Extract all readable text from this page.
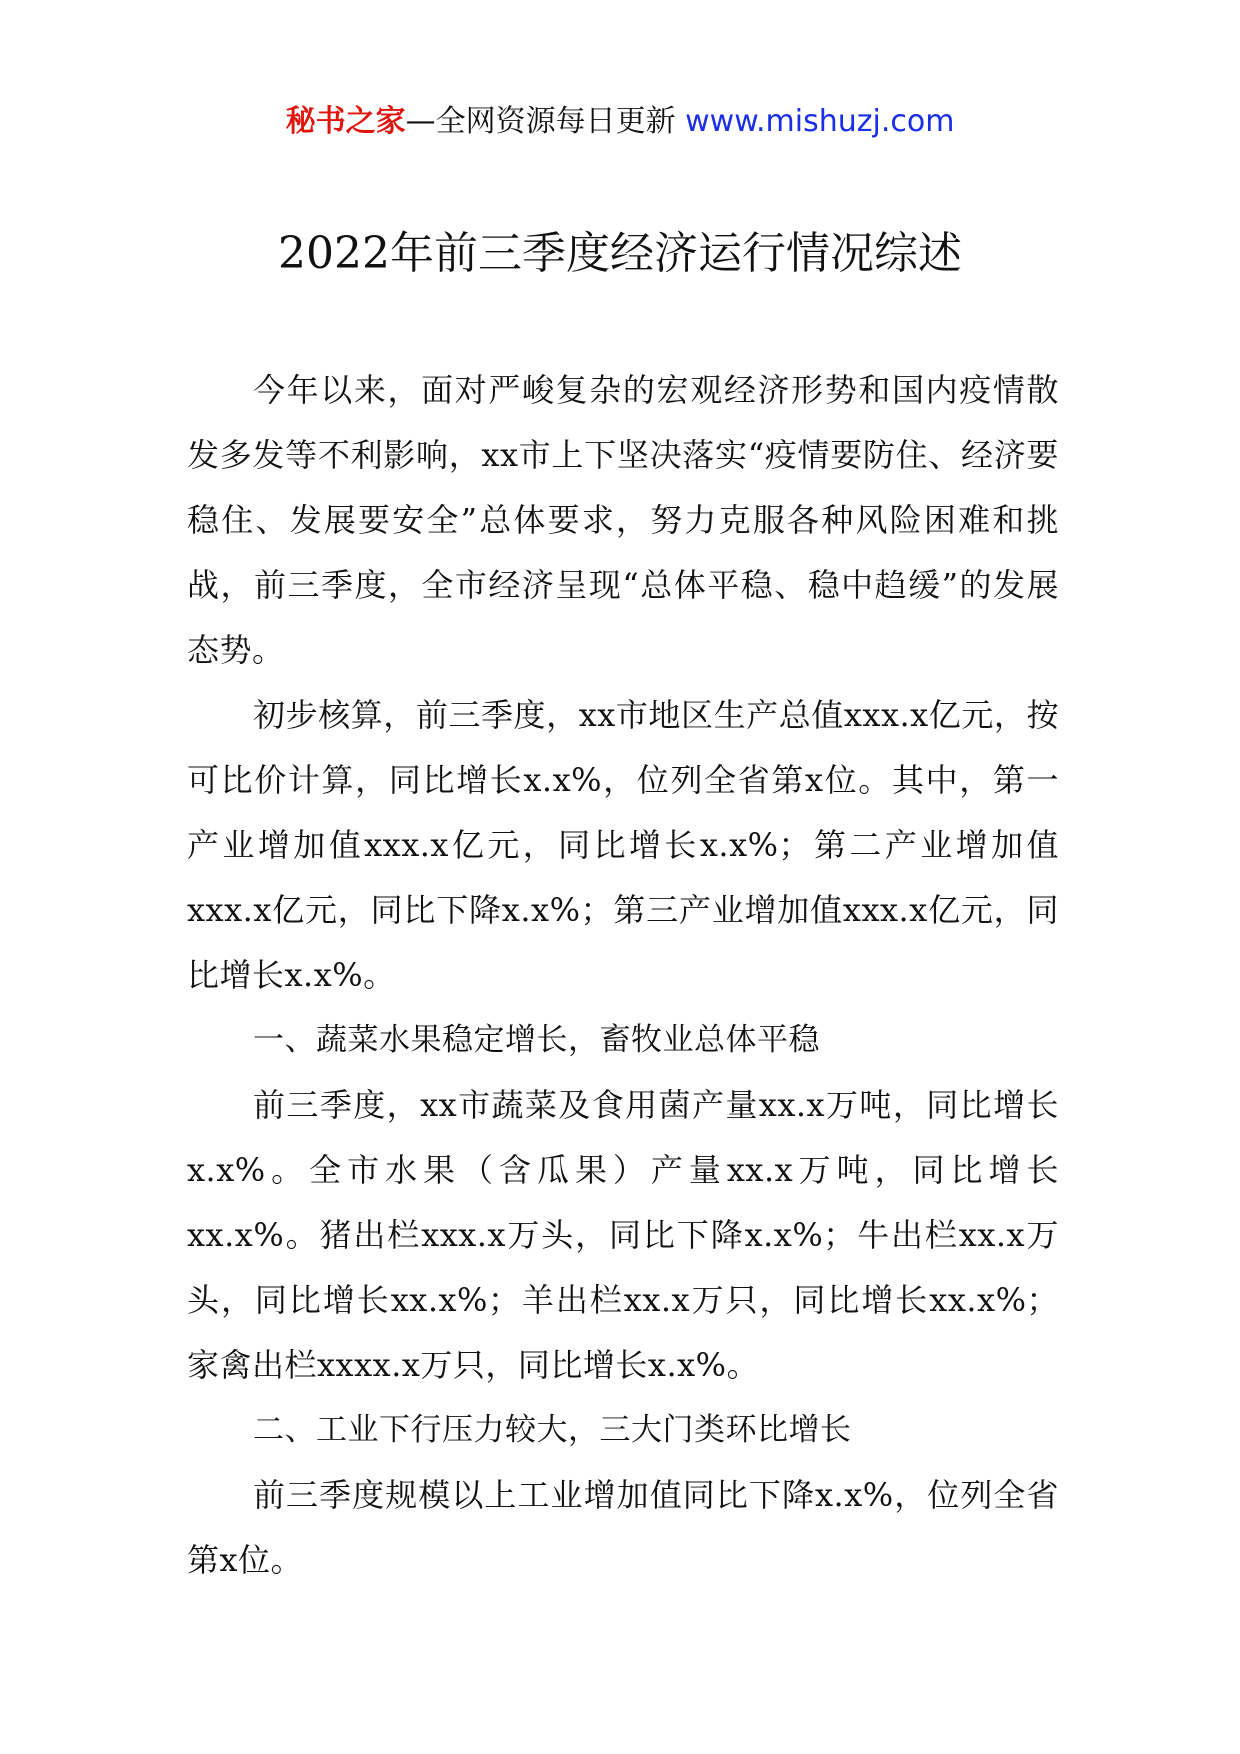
秘书之家—全网资源每日更新 www.mishuzj.com
2022年前三季度经济运行情况综述

今年以来，面对严峻复杂的宏观经济形势和国内疫情散发多发等不利影响，xx市上下坚决落实“疫情要防住、经济要稳住、发展要安全”总体要求，努力克服各种风险困难和挑战，前三季度，全市经济呈现“总体平稳、稳中趋缓”的发展态势。

初步核算，前三季度，xx市地区生产总值xxx.x亿元，按可比价计算，同比增长x.x%，位列全省第x位。其中，第一产业增加值xxx.x亿元，同比增长x.x%；第二产业增加值xxx.x亿元，同比下降x.x%；第三产业增加值xxx.x亿元，同比增长x.x%。

一、蔬菜水果稳定增长，畜牧业总体平稳

前三季度，xx市蔬菜及食用菌产量xx.x万吨，同比增长x.x%。全市水果（含瓜果）产量xx.x万吨，同比增长xx.x%。猪出栏xxx.x万头，同比下降x.x%；牛出栏xx.x万头，同比增长xx.x%；羊出栏xx.x万只，同比增长xx.x%；家禽出栏xxxx.x万只，同比增长x.x%。

二、工业下行压力较大，三大门类环比增长

前三季度规模以上工业增加值同比下降x.x%，位列全省第x位。
